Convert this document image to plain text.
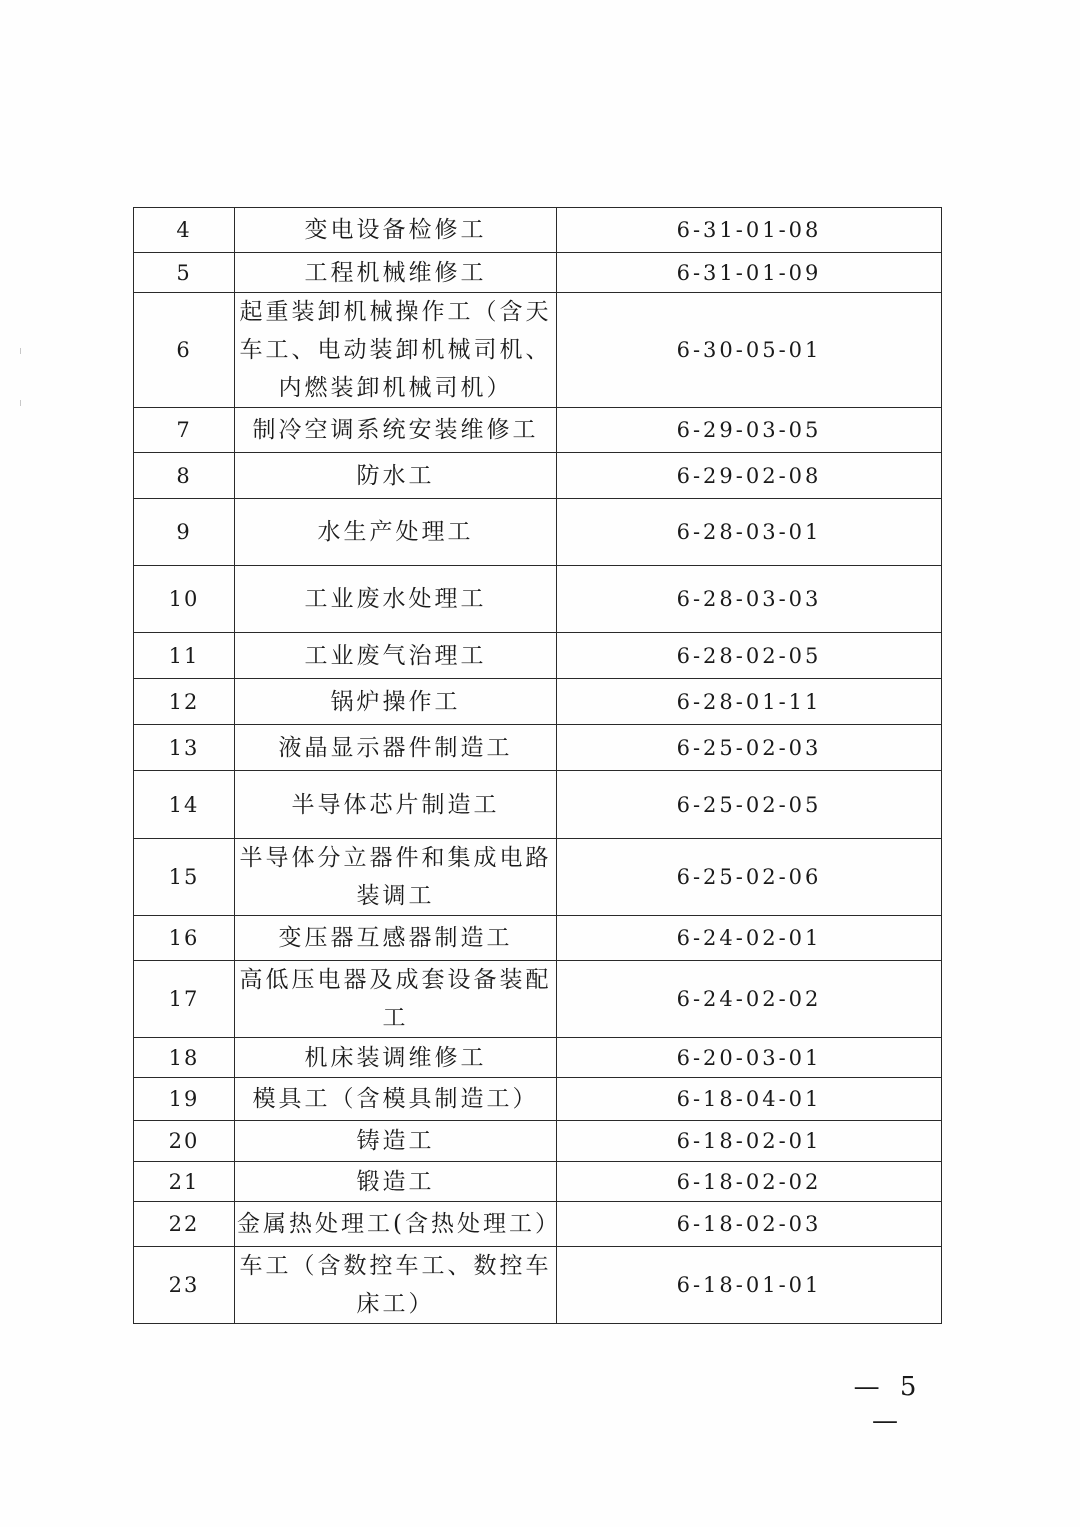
4	变电设备检修工	6-31-01-08
5	工程机械维修工	6-31-01-09
6	起重装卸机械操作工（含天车工、电动装卸机械司机、内燃装卸机械司机）	6-30-05-01
7	制冷空调系统安装维修工	6-29-03-05
8	防水工	6-29-02-08
9	水生产处理工	6-28-03-01
10	工业废水处理工	6-28-03-03
11	工业废气治理工	6-28-02-05
12	锅炉操作工	6-28-01-11
13	液晶显示器件制造工	6-25-02-03
14	半导体芯片制造工	6-25-02-05
15	半导体分立器件和集成电路装调工	6-25-02-06
16	变压器互感器制造工	6-24-02-01
17	高低压电器及成套设备装配工	6-24-02-02
18	机床装调维修工	6-20-03-01
19	模具工（含模具制造工）	6-18-04-01
20	铸造工	6-18-02-01
21	锻造工	6-18-02-02
22	金属热处理工(含热处理工）	6-18-02-03
23	车工（含数控车工、数控车床工）	6-18-01-01
— 5 —
